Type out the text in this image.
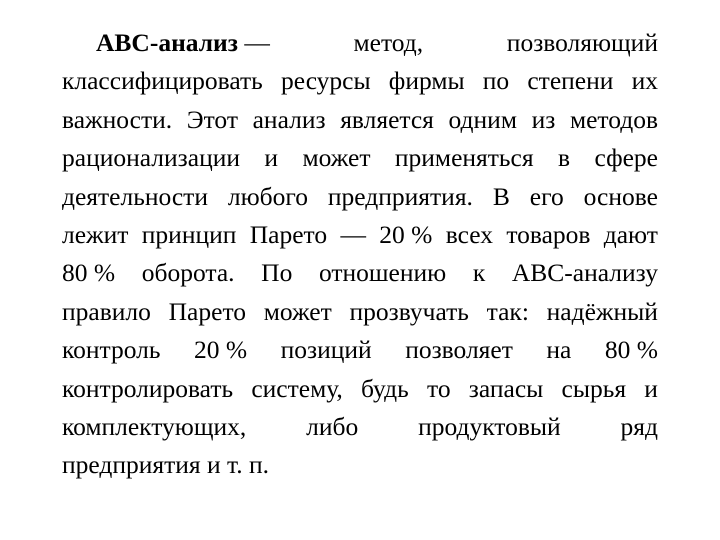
АВС-анализ —	метод,	позволяющий
классифицировать ресурсы фирмы по степени их
важности. Этот анализ является одним из методов
рационализации и может применяться в сфере
деятельности любого предприятия. В его основе
лежит принцип Парето — 20 % всех товаров дают
80 % оборота. По отношению к АВС-анализу
правило Парето может прозвучать так: надёжный
контроль 20 % позиций позволяет на 80 %
контролировать систему, будь то запасы сырья и
комплектующих, либо продуктовый ряд
предприятия и т. п.
